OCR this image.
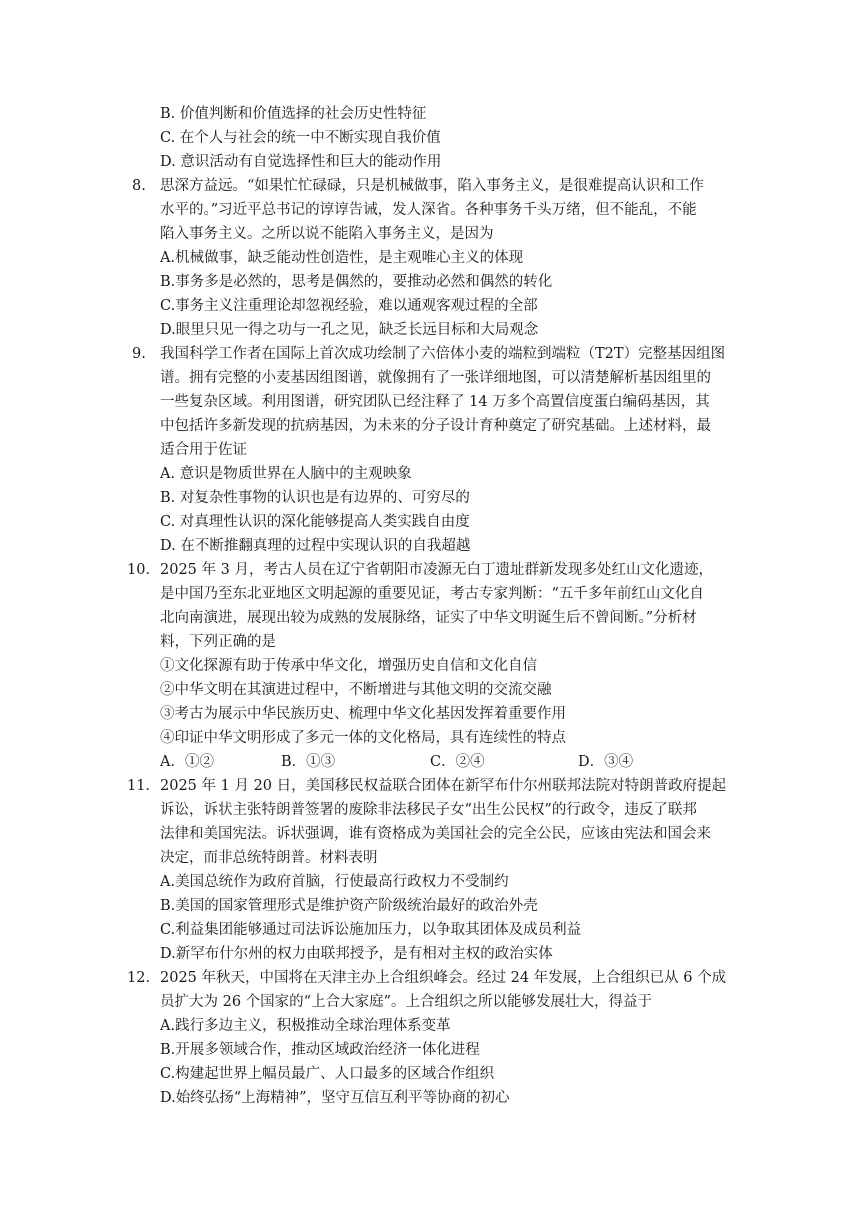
B. 价值判断和价值选择的社会历史性特征
C. 在个人与社会的统一中不断实现自我价值
D. 意识活动有自觉选择性和巨大的能动作用
8. 思深方益远。“如果忙忙碌碌，只是机械做事，陷入事务主义，是很难提高认识和工作
水平的。”习近平总书记的谆谆告诫，发人深省。各种事务千头万绪，但不能乱，不能
陷入事务主义。之所以说不能陷入事务主义，是因为
A.机械做事，缺乏能动性创造性，是主观唯心主义的体现
B.事务多是必然的，思考是偶然的，要推动必然和偶然的转化
C.事务主义注重理论却忽视经验，难以通观客观过程的全部
D.眼里只见一得之功与一孔之见，缺乏长远目标和大局观念
9. 我国科学工作者在国际上首次成功绘制了六倍体小麦的端粒到端粒（T2T）完整基因组图
谱。拥有完整的小麦基因组图谱，就像拥有了一张详细地图，可以清楚解析基因组里的
一些复杂区域。利用图谱，研究团队已经注释了 14 万多个高置信度蛋白编码基因，其
中包括许多新发现的抗病基因，为未来的分子设计育种奠定了研究基础。上述材料，最
适合用于佐证
A. 意识是物质世界在人脑中的主观映象
B. 对复杂性事物的认识也是有边界的、可穷尽的
C. 对真理性认识的深化能够提高人类实践自由度
D. 在不断推翻真理的过程中实现认识的自我超越
10． 2025 年 3 月，考古人员在辽宁省朝阳市凌源无白丁遗址群新发现多处红山文化遗迹，
是中国乃至东北亚地区文明起源的重要见证，考古专家判断：“五千多年前红山文化自
北向南演进，展现出较为成熟的发展脉络，证实了中华文明诞生后不曾间断。”分析材
料，下列正确的是
①文化探源有助于传承中华文化，增强历史自信和文化自信
②中华文明在其演进过程中，不断增进与其他文明的交流交融
③考古为展示中华民族历史、梳理中华文化基因发挥着重要作用
④印证中华文明形成了多元一体的文化格局，具有连续性的特点
A．①②	B．①③	C．②④	D．③④
11． 2025 年 1 月 20 日，美国移民权益联合团体在新罕布什尔州联邦法院对特朗普政府提起
诉讼，诉状主张特朗普签署的废除非法移民子女“出生公民权”的行政令，违反了联邦
法律和美国宪法。诉状强调，谁有资格成为美国社会的完全公民，应该由宪法和国会来
决定，而非总统特朗普。材料表明
A.美国总统作为政府首脑，行使最高行政权力不受制约
B.美国的国家管理形式是维护资产阶级统治最好的政治外壳
C.利益集团能够通过司法诉讼施加压力，以争取其团体及成员利益
D.新罕布什尔州的权力由联邦授予，是有相对主权的政治实体
12. 2025 年秋天，中国将在天津主办上合组织峰会。经过 24 年发展，上合组织已从 6 个成
员扩大为 26 个国家的“上合大家庭”。上合组织之所以能够发展壮大，得益于
A.践行多边主义，积极推动全球治理体系变革
B.开展多领域合作，推动区域政治经济一体化进程
C.构建起世界上幅员最广、人口最多的区域合作组织
D.始终弘扬“上海精神”，坚守互信互利平等协商的初心
